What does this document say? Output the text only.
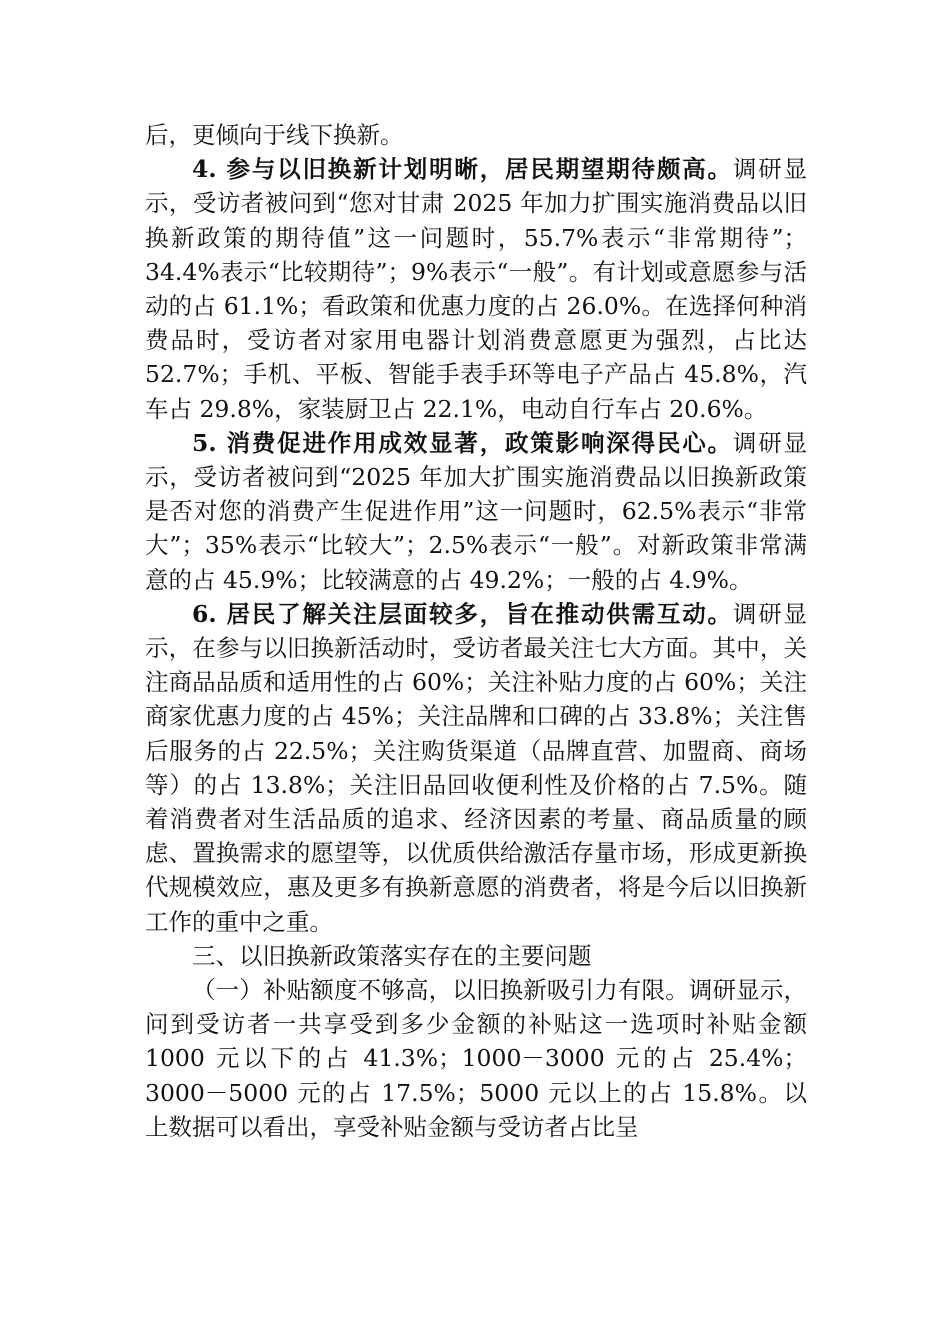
后，更倾向于线下换新。

4. 参与以旧换新计划明晰，居民期望期待颇高。调研显示，受访者被问到“您对甘肃 2025 年加力扩围实施消费品以旧换新政策的期待值”这一问题时，55.7%表示“非常期待”；34.4%表示“比较期待”；9%表示“一般”。有计划或意愿参与活动的占 61.1%；看政策和优惠力度的占 26.0%。在选择何种消费品时，受访者对家用电器计划消费意愿更为强烈，占比达 52.7%；手机、平板、智能手表手环等电子产品占 45.8%，汽车占 29.8%，家装厨卫占 22.1%，电动自行车占 20.6%。

5. 消费促进作用成效显著，政策影响深得民心。调研显示，受访者被问到“2025 年加大扩围实施消费品以旧换新政策是否对您的消费产生促进作用”这一问题时，62.5%表示“非常大”；35%表示“比较大”；2.5%表示“一般”。对新政策非常满意的占 45.9%；比较满意的占 49.2%；一般的占 4.9%。

6. 居民了解关注层面较多，旨在推动供需互动。调研显示，在参与以旧换新活动时，受访者最关注七大方面。其中，关注商品品质和适用性的占 60%；关注补贴力度的占 60%；关注商家优惠力度的占 45%；关注品牌和口碑的占 33.8%；关注售后服务的占 22.5%；关注购货渠道（品牌直营、加盟商、商场等）的占 13.8%；关注旧品回收便利性及价格的占 7.5%。随着消费者对生活品质的追求、经济因素的考量、商品质量的顾虑、置换需求的愿望等，以优质供给激活存量市场，形成更新换代规模效应，惠及更多有换新意愿的消费者，将是今后以旧换新工作的重中之重。

三、以旧换新政策落实存在的主要问题

（一）补贴额度不够高，以旧换新吸引力有限。调研显示，问到受访者一共享受到多少金额的补贴这一选项时补贴金额 1000 元以下的占 41.3%；1000－3000 元的占 25.4%；3000－5000 元的占 17.5%；5000 元以上的占 15.8%。以上数据可以看出，享受补贴金额与受访者占比呈
